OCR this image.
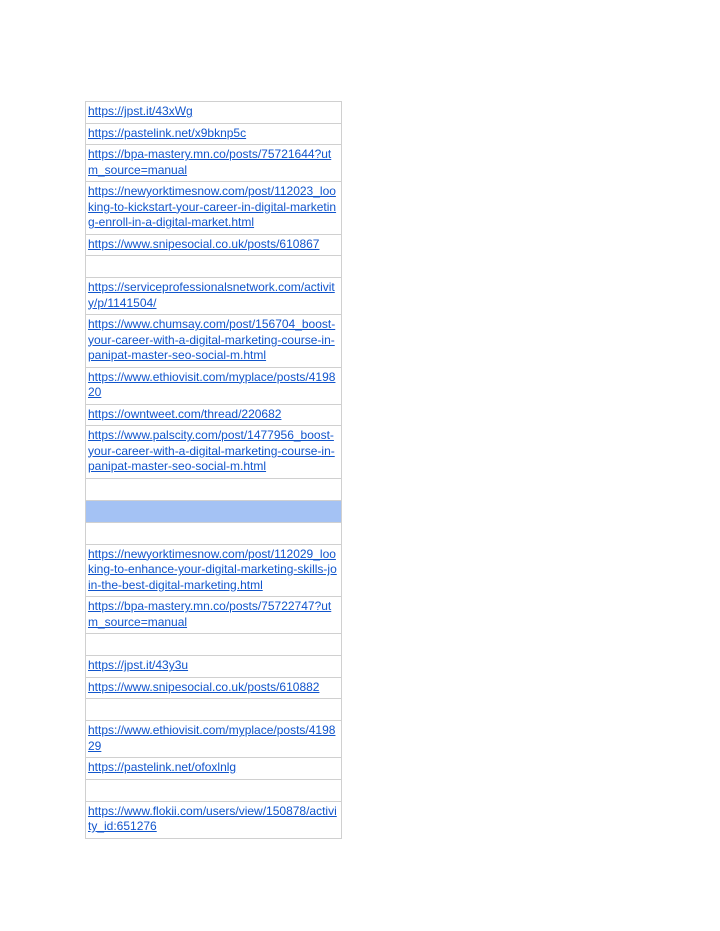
https://jpst.it/43xWg
https://pastelink.net/x9bknp5c
https://bpa-mastery.mn.co/posts/75721644?utm_source=manual
https://newyorktimesnow.com/post/112023_looking-to-kickstart-your-career-in-digital-marketing-enroll-in-a-digital-market.html
https://www.snipesocial.co.uk/posts/610867

https://serviceprofessionalsnetwork.com/activity/p/1141504/
https://www.chumsay.com/post/156704_boost-your-career-with-a-digital-marketing-course-in-panipat-master-seo-social-m.html
https://www.ethiovisit.com/myplace/posts/419820
https://owntweet.com/thread/220682
https://www.palscity.com/post/1477956_boost-your-career-with-a-digital-marketing-course-in-panipat-master-seo-social-m.html

https://newyorktimesnow.com/post/112029_looking-to-enhance-your-digital-marketing-skills-join-the-best-digital-marketing.html
https://bpa-mastery.mn.co/posts/75722747?utm_source=manual

https://jpst.it/43y3u
https://www.snipesocial.co.uk/posts/610882

https://www.ethiovisit.com/myplace/posts/419829
https://pastelink.net/ofoxlnlg

https://www.flokii.com/users/view/150878/activity_id:651276
